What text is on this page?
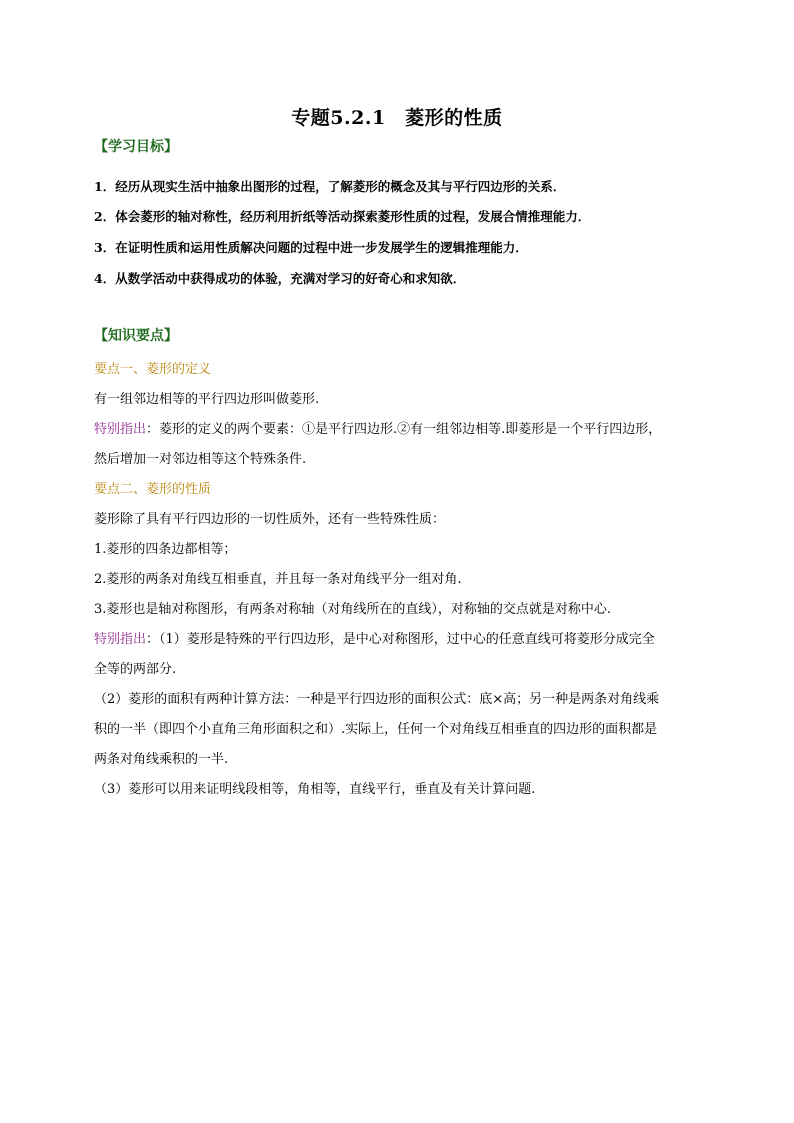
专题5.2.1　菱形的性质
【学习目标】
1．经历从现实生活中抽象出图形的过程，了解菱形的概念及其与平行四边形的关系．
2．体会菱形的轴对称性，经历利用折纸等活动探索菱形性质的过程，发展合情推理能力．
3．在证明性质和运用性质解决问题的过程中进一步发展学生的逻辑推理能力．
4．从数学活动中获得成功的体验，充满对学习的好奇心和求知欲．
【知识要点】
要点一、菱形的定义
有一组邻边相等的平行四边形叫做菱形.
特别指出：菱形的定义的两个要素：①是平行四边形.②有一组邻边相等.即菱形是一个平行四边形，
然后增加一对邻边相等这个特殊条件.
要点二、菱形的性质
菱形除了具有平行四边形的一切性质外，还有一些特殊性质：
1.菱形的四条边都相等；
2.菱形的两条对角线互相垂直，并且每一条对角线平分一组对角.
3.菱形也是轴对称图形，有两条对称轴（对角线所在的直线），对称轴的交点就是对称中心.
特别指出：（1）菱形是特殊的平行四边形，是中心对称图形，过中心的任意直线可将菱形分成完全
全等的两部分.
（2）菱形的面积有两种计算方法：一种是平行四边形的面积公式：底×高；另一种是两条对角线乘
积的一半（即四个小直角三角形面积之和）.实际上，任何一个对角线互相垂直的四边形的面积都是
两条对角线乘积的一半.
（3）菱形可以用来证明线段相等，角相等，直线平行，垂直及有关计算问题.
